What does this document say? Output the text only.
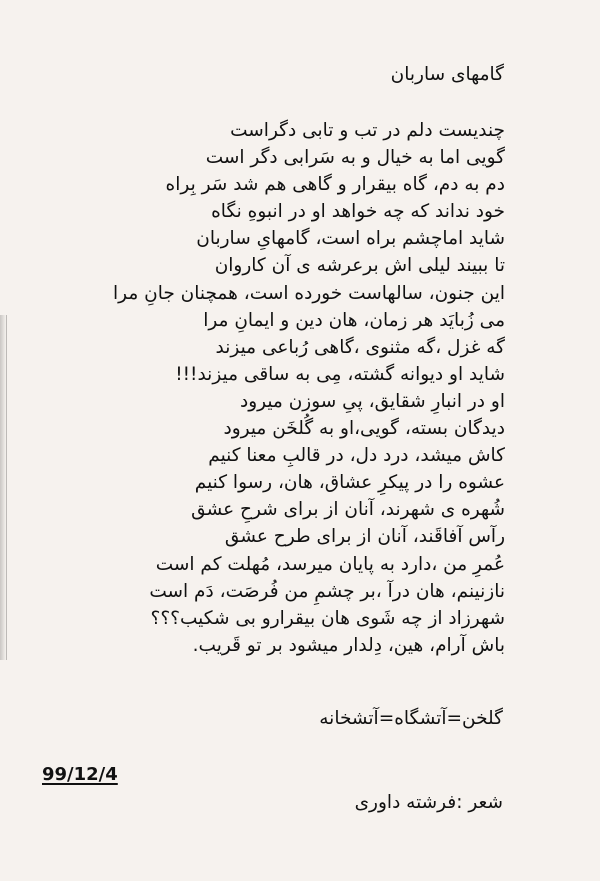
گامهای ساربان
چندیست دلم در تب و تابی دگراست
گویی اما به خیال و به سَرابی دگر است
دم به دم، گاه بیقرار و گاهی هم شد سَر بِراه
خود نداند که چه خواهد او در انبوهِ نگاه
شاید اماچشم براه است، گامهایِ ساربان
تا ببیند لیلی اش برعرشه ی آن کاروان
این جنون، سالهاست خورده است، همچنان جانِ مرا
می زُبایَد هر زمان، هان دین و ایمانِ مرا
گه غزل ،گه مثنوی ،گاهی رُباعی میزند
شاید او دیوانه گشته، مِی به ساقی میزند!!!
او در انبارِ شقایق، پیِ سوزن میرود
دیدگان بسته، گویی،او به گُلخَن میرود
کاش میشد، درد دل، در قالبِ معنا کنیم
عشوه را در پیکرِ عشاق، هان، رسوا کنیم
شُهره ی شهرند، آنان از برای شرحِ عشق
رآس آفاقَند، آنان از برای طرح عشق
عُمرِ من ،دارد به پایان میرسد، مُهلت کم است
نازنینم، هان درآ ،بر چشمِ من فُرصَت، دَم است
شهرزاد از چه شَوی هان بیقرارو بی شکیب؟؟؟
باش آرام، هین، دِلدار میشود بر تو قَریب.
گلخن=آتشگاه=آتشخانه
99/12/4
شعر :فرشته داوری
